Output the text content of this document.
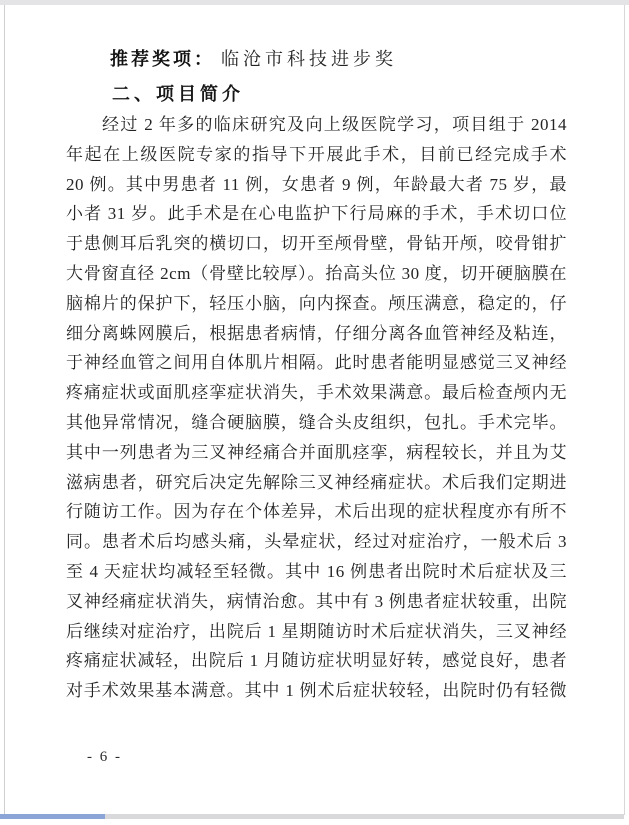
推荐奖项： 临沧市科技进步奖
二、项目简介
经过 2 年多的临床研究及向上级医院学习，项目组于 2014
年起在上级医院专家的指导下开展此手术，目前已经完成手术
20 例。其中男患者 11 例，女患者 9 例，年龄最大者 75 岁，最
小者 31 岁。此手术是在心电监护下行局麻的手术，手术切口位
于患侧耳后乳突的横切口，切开至颅骨壁，骨钻开颅，咬骨钳扩
大骨窗直径 2cm（骨壁比较厚）。抬高头位 30 度，切开硬脑膜在
脑棉片的保护下，轻压小脑，向内探查。颅压满意，稳定的，仔
细分离蛛网膜后，根据患者病情，仔细分离各血管神经及粘连，
于神经血管之间用自体肌片相隔。此时患者能明显感觉三叉神经
疼痛症状或面肌痉挛症状消失，手术效果满意。最后检查颅内无
其他异常情况，缝合硬脑膜，缝合头皮组织，包扎。手术完毕。
其中一列患者为三叉神经痛合并面肌痉挛，病程较长，并且为艾
滋病患者，研究后决定先解除三叉神经痛症状。术后我们定期进
行随访工作。因为存在个体差异，术后出现的症状程度亦有所不
同。患者术后均感头痛，头晕症状，经过对症治疗，一般术后 3
至 4 天症状均减轻至轻微。其中 16 例患者出院时术后症状及三
叉神经痛症状消失，病情治愈。其中有 3 例患者症状较重，出院
后继续对症治疗，出院后 1 星期随访时术后症状消失，三叉神经
疼痛症状减轻，出院后 1 月随访症状明显好转，感觉良好，患者
对手术效果基本满意。其中 1 例术后症状较轻，出院时仍有轻微
- 6 -
